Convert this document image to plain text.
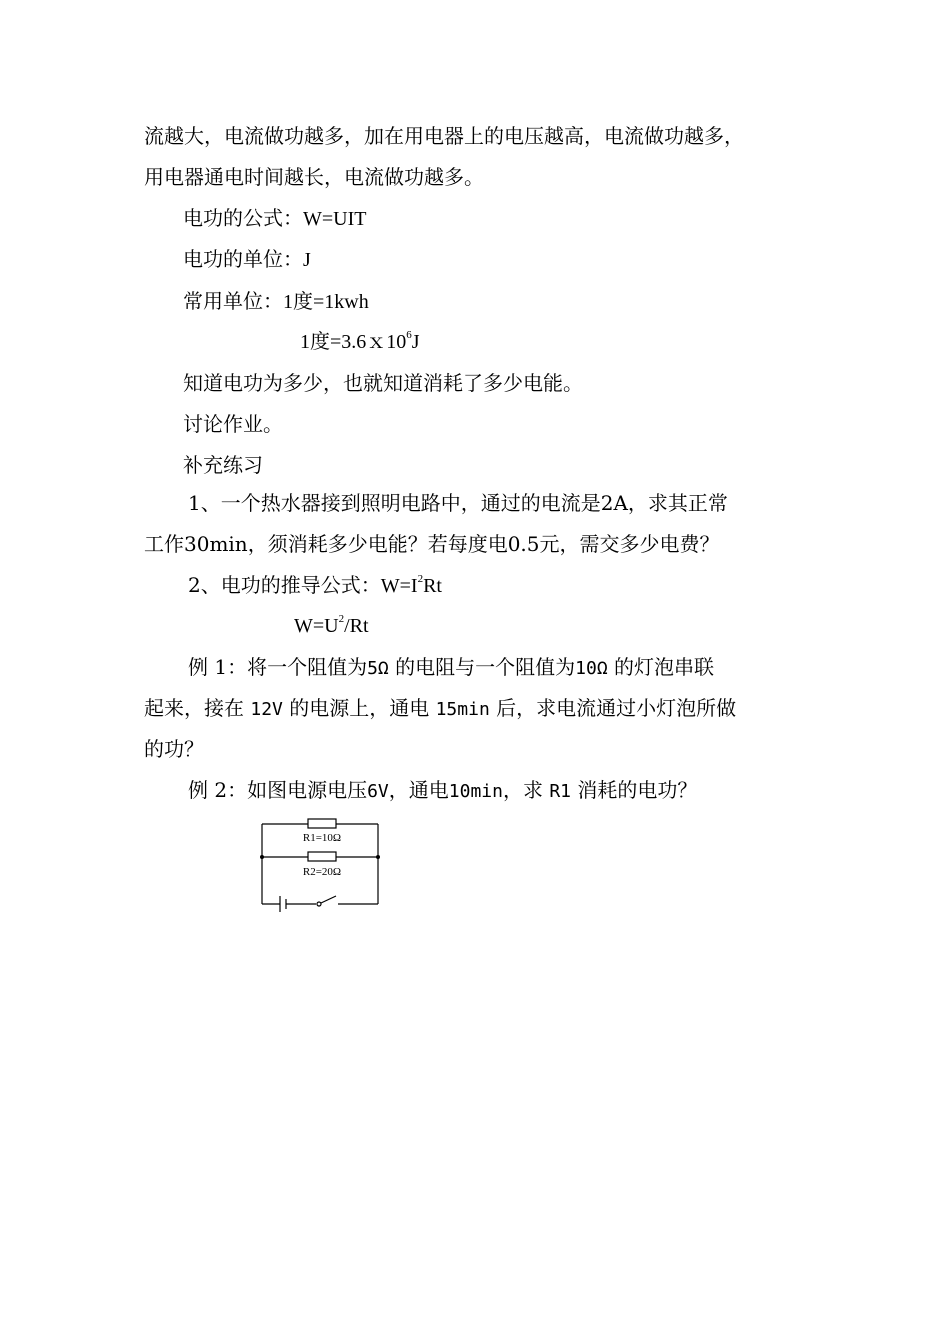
流越大，电流做功越多，加在用电器上的电压越高，电流做功越多，
用电器通电时间越长，电流做功越多。
电功的公式：W=UIT
电功的单位：J
常用单位：1度=1kwh
1度$=3.6x10^6J$
知道电功为多少，也就知道消耗了多少电能。
讨论作业。
补充练习
1、一个热水器接到照明电路中，通过的电流是2A，求其正常
工作30min，须消耗多少电能？若每度电0.5元，需交多少电费？
2、电功的推导公式：$W=I^2Rt$
$W=U^2/Rt$
例 1：将一个阻值为5Ω 的电阻与一个阻值为10Ω 的灯泡串联
起来，接在 12V 的电源上，通电 15min 后，求电流通过小灯泡所做
的功？
例 2：如图电源电压6V，通电10min，求 R1 消耗的电功？
R1=10Ω
R2=20Ω
